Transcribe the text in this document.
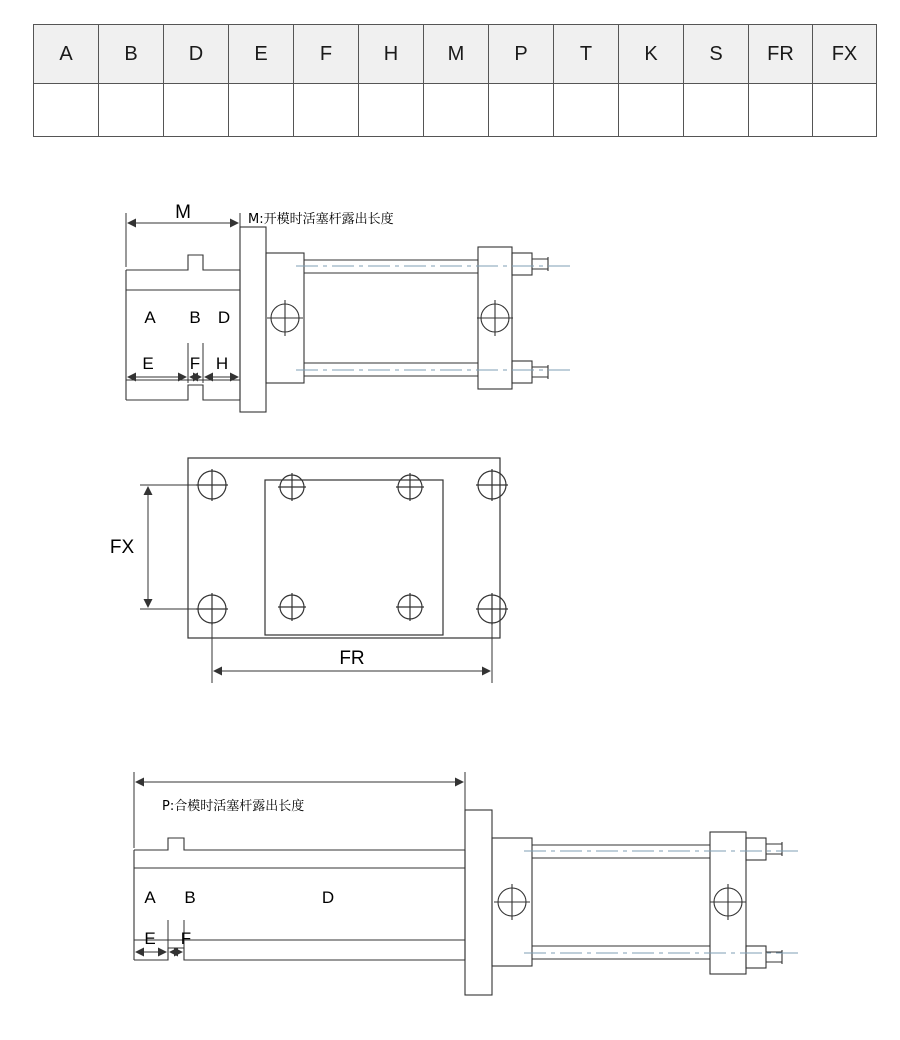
A	B	D	E	F	H	M	P	T	K	S	FR	FX

M	M:开模时活塞杆露出长度
A B D
E F H
FX
FR
P:合模时活塞杆露出长度
A B	D
E F
